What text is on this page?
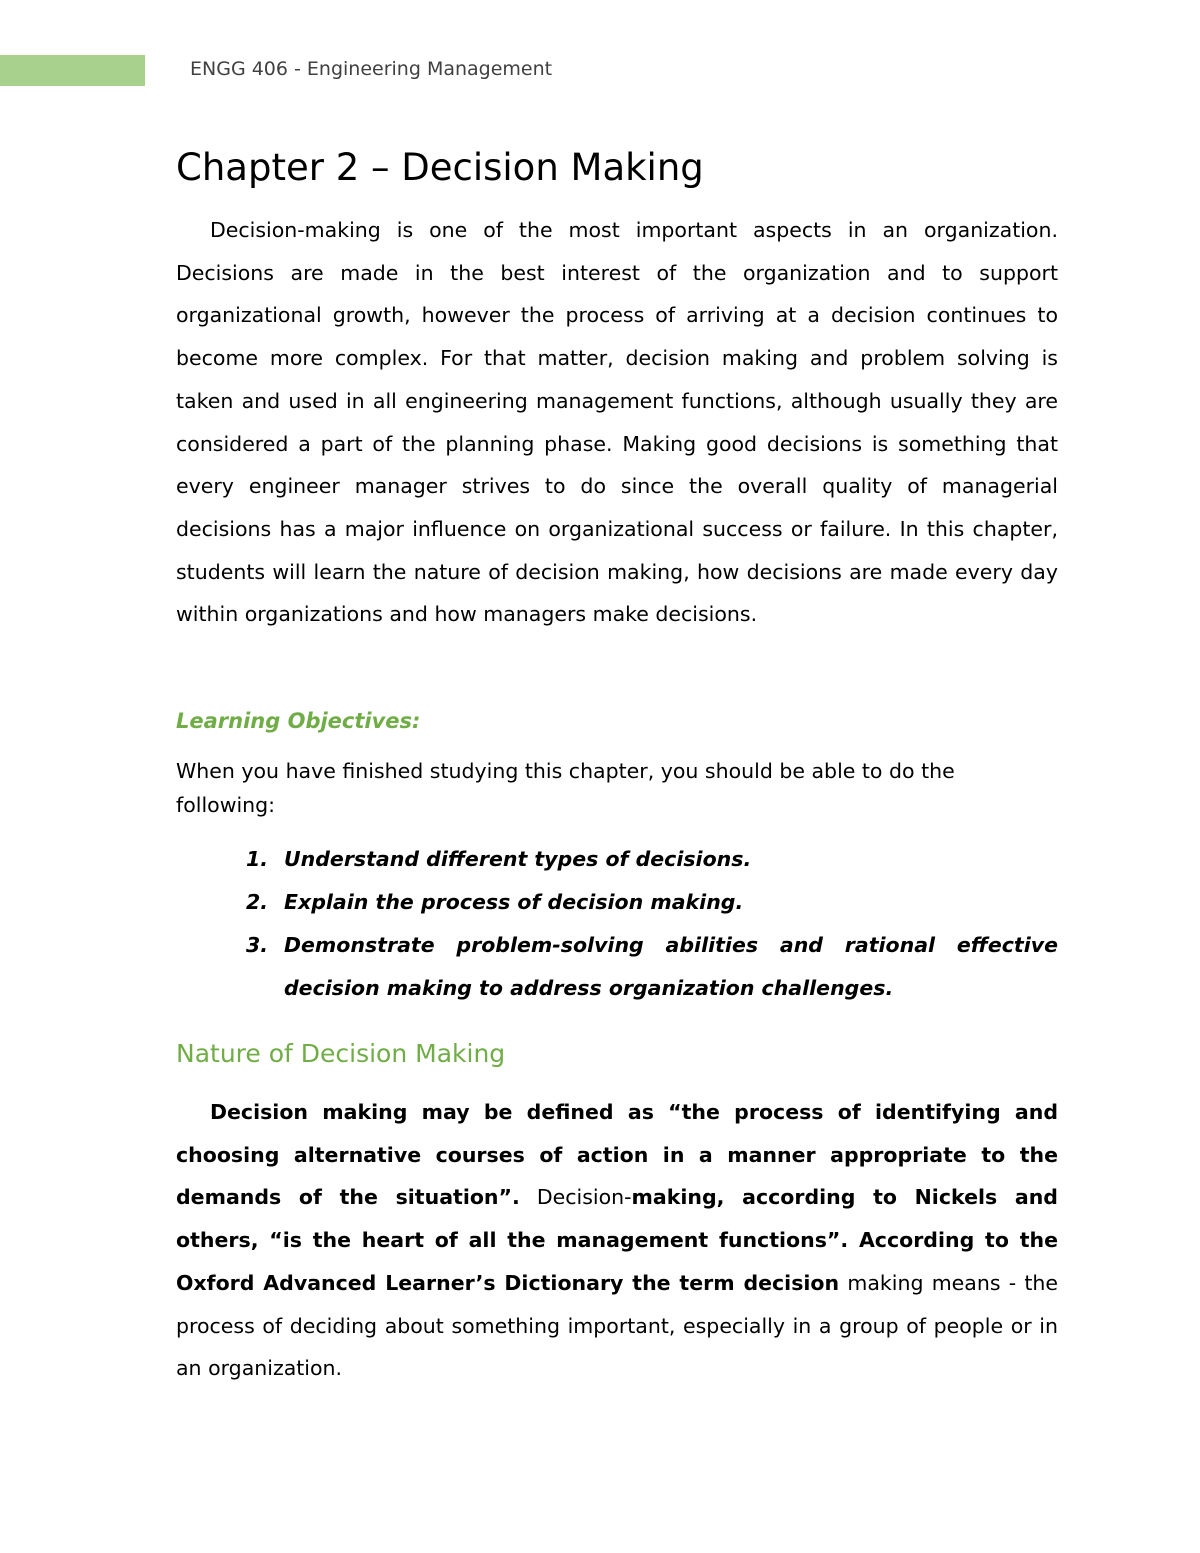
ENGG 406 - Engineering Management
Chapter 2 – Decision Making

Decision-making is one of the most important aspects in an organization. Decisions are made in the best interest of the organization and to support organizational growth, however the process of arriving at a decision continues to become more complex. For that matter, decision making and problem solving is taken and used in all engineering management functions, although usually they are considered a part of the planning phase. Making good decisions is something that every engineer manager strives to do since the overall quality of managerial decisions has a major influence on organizational success or failure. In this chapter, students will learn the nature of decision making, how decisions are made every day within organizations and how managers make decisions.

Learning Objectives:
When you have finished studying this chapter, you should be able to do the following:
1. Understand different types of decisions.
2. Explain the process of decision making.
3. Demonstrate problem-solving abilities and rational effective decision making to address organization challenges.
Nature of Decision Making

Decision making may be defined as “the process of identifying and choosing alternative courses of action in a manner appropriate to the demands of the situation”. Decision-making, according to Nickels and others, “is the heart of all the management functions”. According to the Oxford Advanced Learner’s Dictionary the term decision making means - the process of deciding about something important, especially in a group of people or in an organization.
